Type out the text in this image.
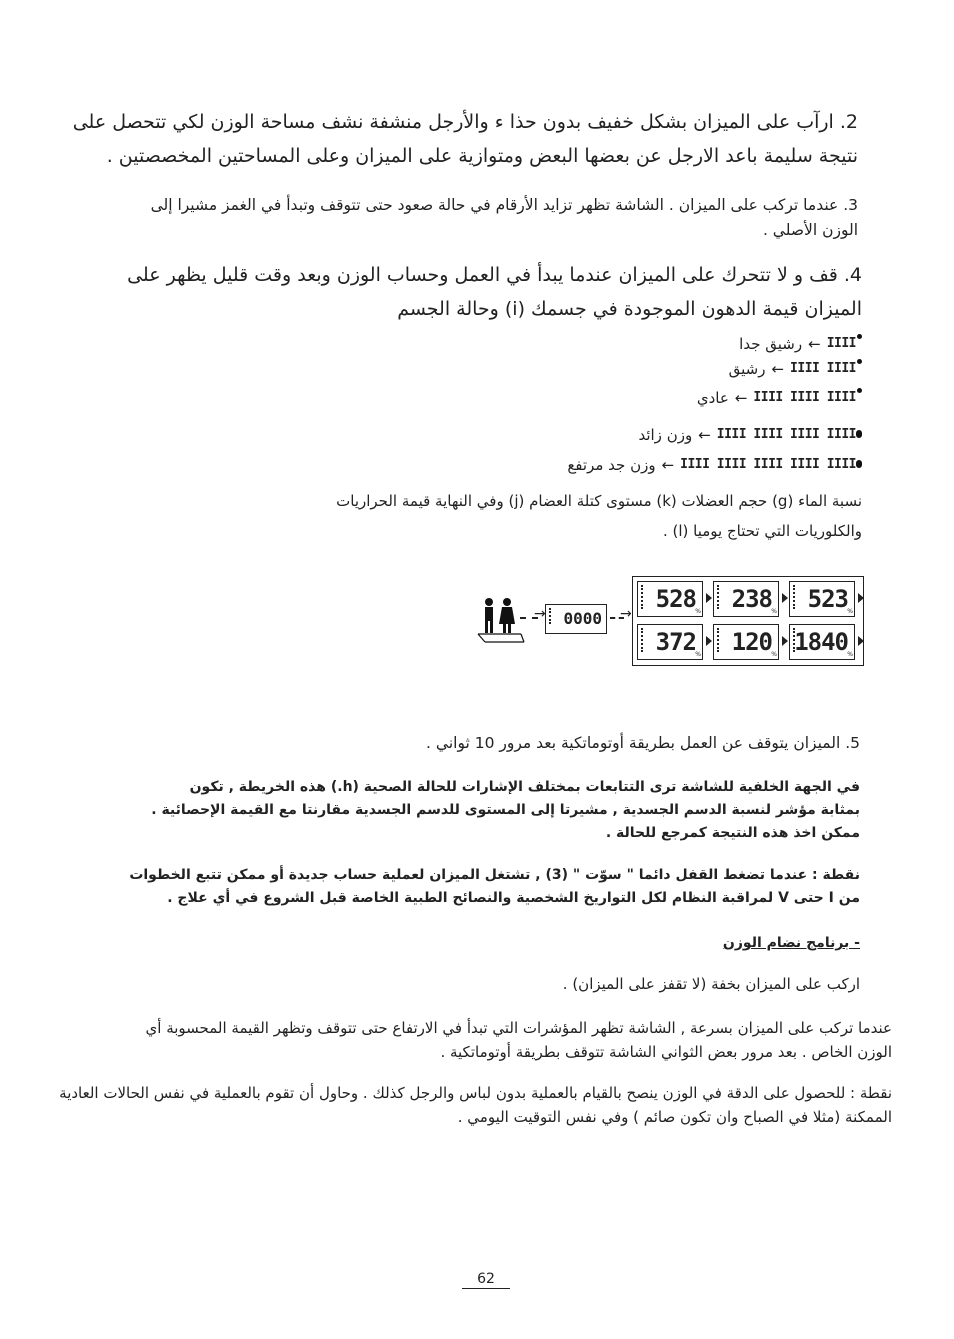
2. ارآب على الميزان بشكل خفيف بدون حذا ء والأرجل منشفة نشف مساحة الوزن لكي تتحصل على نتيجة سليمة باعد الارجل عن بعضها البعض ومتوازية على الميزان وعلى المساحتين المخصصتين .

3. عندما تركب على الميزان . الشاشة تظهر تزايد الأرقام في حالة صعود حتى تتوقف وتبدأ في الغمز مشيرا إلى الوزن الأصلي .

4. قف و لا تتحرك على الميزان عندما يبدأ في العمل وحساب الوزن وبعد وقت قليل يظهر على الميزان قيمة الدهون الموجودة في جسمك (i) وحالة الجسم

IIII
←
رشيق جدا
IIII IIII
←
رشيق
IIII IIII IIII
←
عادي
IIII IIII IIII IIII
←
وزن زائد
IIII IIII IIII IIII IIII
←
وزن جد مرتفع

نسبة الماء (g) حجم العضلات (k) مستوى كتلة العضام (j) وفي النهاية قيمة الحراريات والكلوريات التي تحتاج يوميا (l) .

→ 0000 →
528 % 238 % 523 %
372 % 120 % 1840 %

5. الميزان يتوقف عن العمل بطريقة أوتوماتكية بعد مرور 10 ثواني .

في الجهة الخلفية للشاشة ترى التتابعات بمختلف الإشارات للحالة الصحية (h.) هذه الخريطة , تكون بمثابة مؤشر لنسبة الدسم الجسدية , مشيرتا إلى المستوى للدسم الجسدية مقارنتا مع القيمة الإحصائية . ممكن اخذ هذه النتيجة كمرجع للحالة .

نقطة : عندما تضغط القفل دائما " سوّت " (3) , تشتغل الميزان لعملية حساب جديدة أو ممكن تتبع الخطوات من I حتى V لمراقبة النظام لكل التواريخ الشخصية والنصائح الطبية الخاصة قبل الشروع في أي علاج .

- برنامج نضام الوزن

اركب على الميزان بخفة (لا تقفز على الميزان) .

عندما تركب على الميزان بسرعة , الشاشة تظهر المؤشرات التي تبدأ في الارتفاع حتى تتوقف وتظهر القيمة المحسوبة أي الوزن الخاص . بعد مرور بعض الثواني الشاشة تتوقف بطريقة أوتوماتكية .

نقطة : للحصول على الدقة في الوزن ينصح بالقيام بالعملية بدون لباس والرجل كذلك . وحاول أن تقوم بالعملية في نفس الحالات العادية الممكنة (مثلا في الصباح وان تكون صائم ) وفي نفس التوقيت اليومي .

62
